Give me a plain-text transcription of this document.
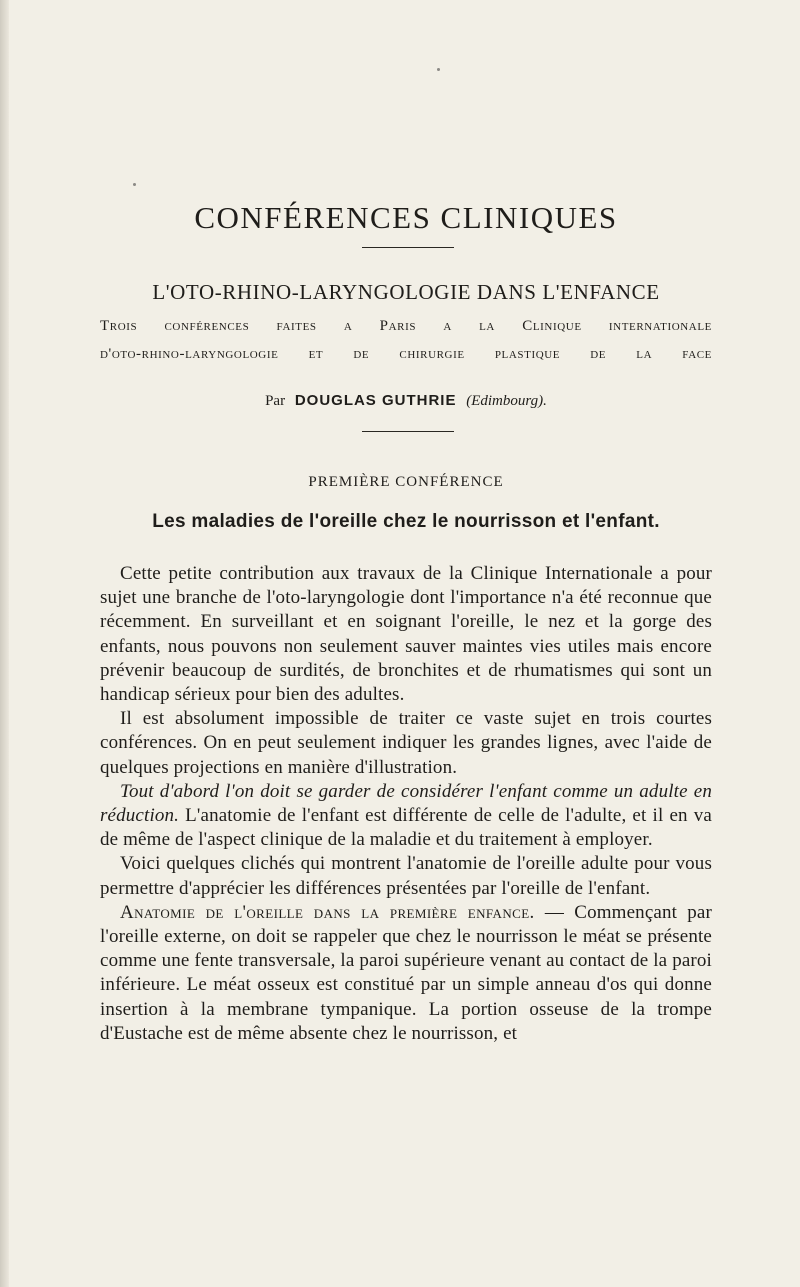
CONFÉRENCES CLINIQUES
L'OTO-RHINO-LARYNGOLOGIE DANS L'ENFANCE

Trois conférences faites a Paris a la Clinique internationale

d'oto-rhino-laryngologie et de chirurgie plastique de la face

Par DOUGLAS GUTHRIE (Edimbourg).

PREMIÈRE CONFÉRENCE
Les maladies de l'oreille chez le nourrisson et l'enfant.

Cette petite contribution aux travaux de la Clinique Internationale a pour sujet une branche de l'oto-laryngologie dont l'importance n'a été reconnue que récemment. En surveillant et en soignant l'oreille, le nez et la gorge des enfants, nous pouvons non seulement sauver maintes vies utiles mais encore prévenir beaucoup de surdités, de bronchites et de rhumatismes qui sont un handicap sérieux pour bien des adultes.

Il est absolument impossible de traiter ce vaste sujet en trois courtes conférences. On en peut seulement indiquer les grandes lignes, avec l'aide de quelques projections en manière d'illustration.

Tout d'abord l'on doit se garder de considérer l'enfant comme un adulte en réduction. L'anatomie de l'enfant est différente de celle de l'adulte, et il en va de même de l'aspect clinique de la maladie et du traitement à employer.

Voici quelques clichés qui montrent l'anatomie de l'oreille adulte pour vous permettre d'apprécier les différences présentées par l'oreille de l'enfant.

Anatomie de l'oreille dans la première enfance. — Commençant par l'oreille externe, on doit se rappeler que chez le nourrisson le méat se présente comme une fente transversale, la paroi supérieure venant au contact de la paroi inférieure. Le méat osseux est constitué par un simple anneau d'os qui donne insertion à la membrane tympanique. La portion osseuse de la trompe d'Eustache est de même absente chez le nourrisson, et
